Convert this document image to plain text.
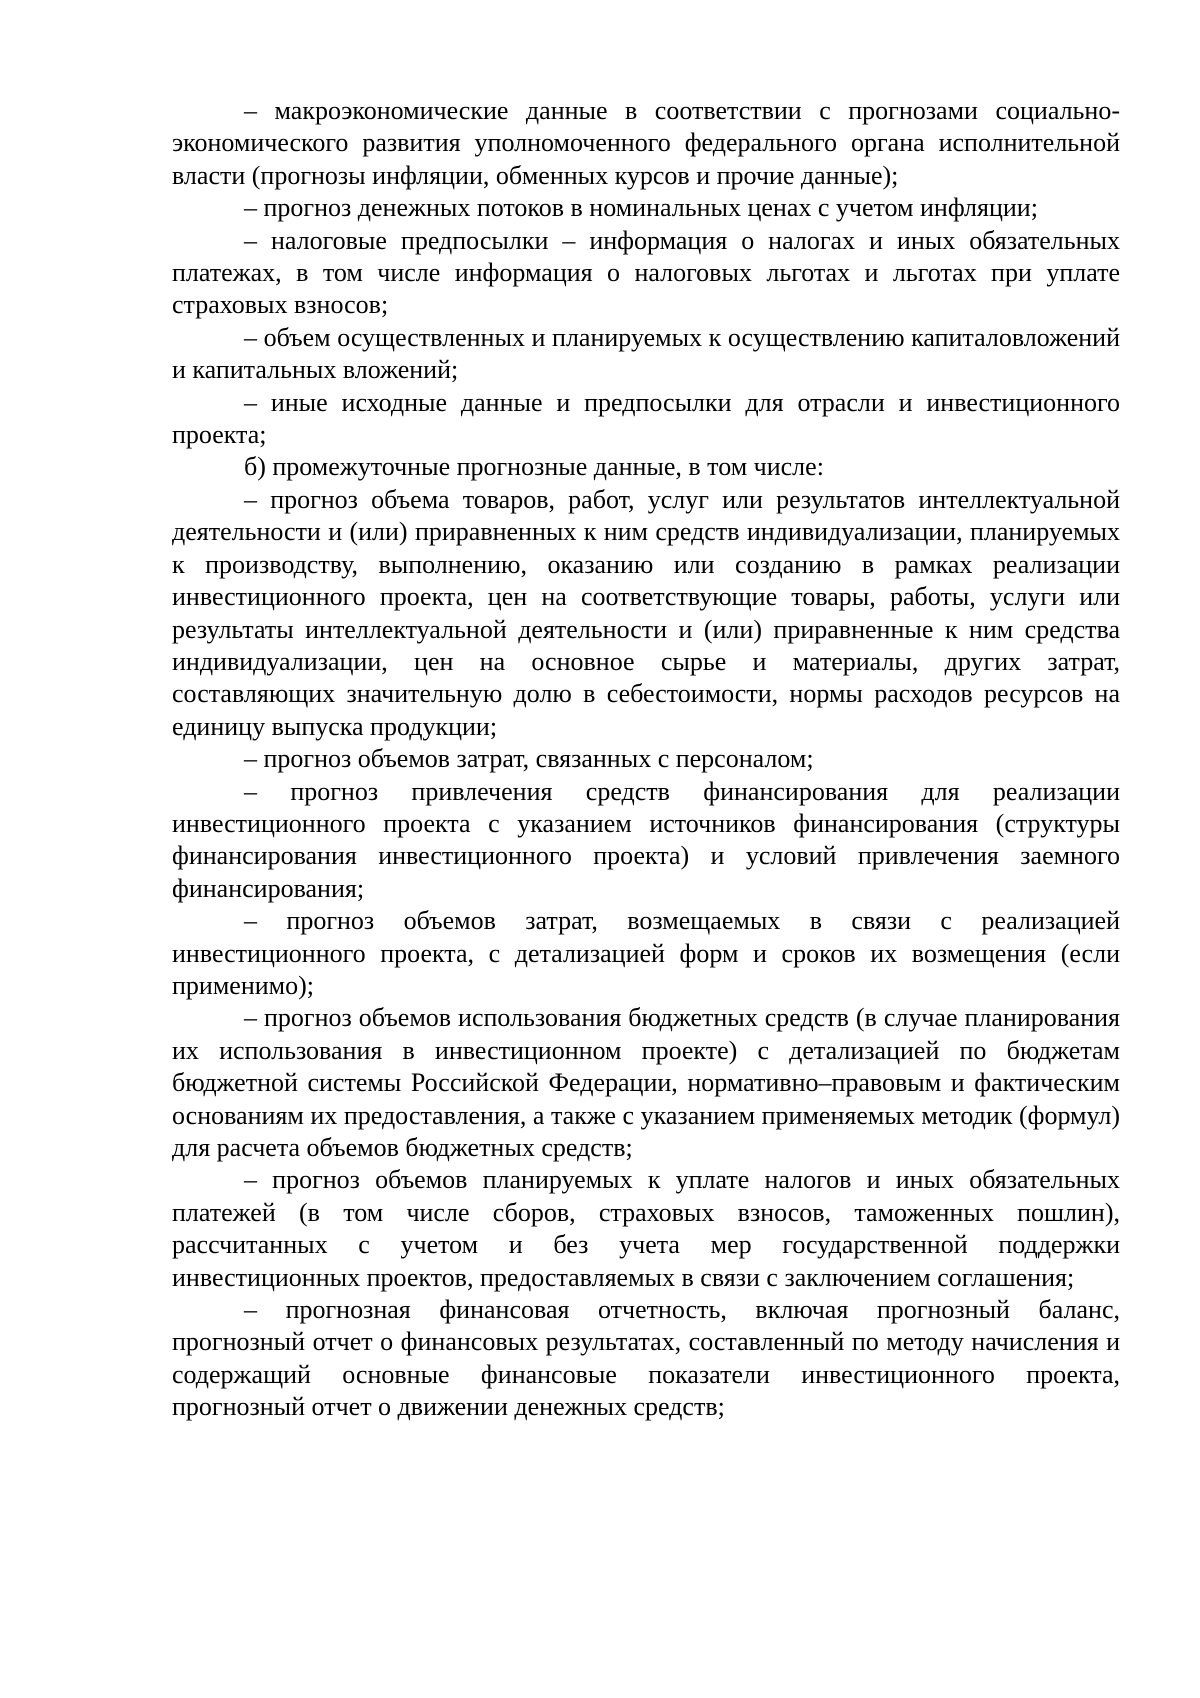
– макроэкономические данные в соответствии с прогнозами социально-экономического развития уполномоченного федерального органа исполнительной власти (прогнозы инфляции, обменных курсов и прочие данные);

– прогноз денежных потоков в номинальных ценах с учетом инфляции;

– налоговые предпосылки – информация о налогах и иных обязательных платежах, в том числе информация о налоговых льготах и льготах при уплате страховых взносов;

– объем осуществленных и планируемых к осуществлению капиталовложений и капитальных вложений;

– иные исходные данные и предпосылки для отрасли и инвестиционного проекта;

б) промежуточные прогнозные данные, в том числе:

– прогноз объема товаров, работ, услуг или результатов интеллектуальной деятельности и (или) приравненных к ним средств индивидуализации, планируемых к производству, выполнению, оказанию или созданию в рамках реализации инвестиционного проекта, цен на соответствующие товары, работы, услуги или результаты интеллектуальной деятельности и (или) приравненные к ним средства индивидуализации, цен на основное сырье и материалы, других затрат, составляющих значительную долю в себестоимости, нормы расходов ресурсов на единицу выпуска продукции;

– прогноз объемов затрат, связанных с персоналом;

– прогноз привлечения средств финансирования для реализации инвестиционного проекта с указанием источников финансирования (структуры финансирования инвестиционного проекта) и условий привлечения заемного финансирования;

– прогноз объемов затрат, возмещаемых в связи с реализацией инвестиционного проекта, с детализацией форм и сроков их возмещения (если применимо);

– прогноз объемов использования бюджетных средств (в случае планирования их использования в инвестиционном проекте) с детализацией по бюджетам бюджетной системы Российской Федерации, нормативно–правовым и фактическим основаниям их предоставления, а также с указанием применяемых методик (формул) для расчета объемов бюджетных средств;

– прогноз объемов планируемых к уплате налогов и иных обязательных платежей (в том числе сборов, страховых взносов, таможенных пошлин), рассчитанных с учетом и без учета мер государственной поддержки инвестиционных проектов, предоставляемых в связи с заключением соглашения;

– прогнозная финансовая отчетность, включая прогнозный баланс, прогнозный отчет о финансовых результатах, составленный по методу начисления и содержащий основные финансовые показатели инвестиционного проекта, прогнозный отчет о движении денежных средств;
